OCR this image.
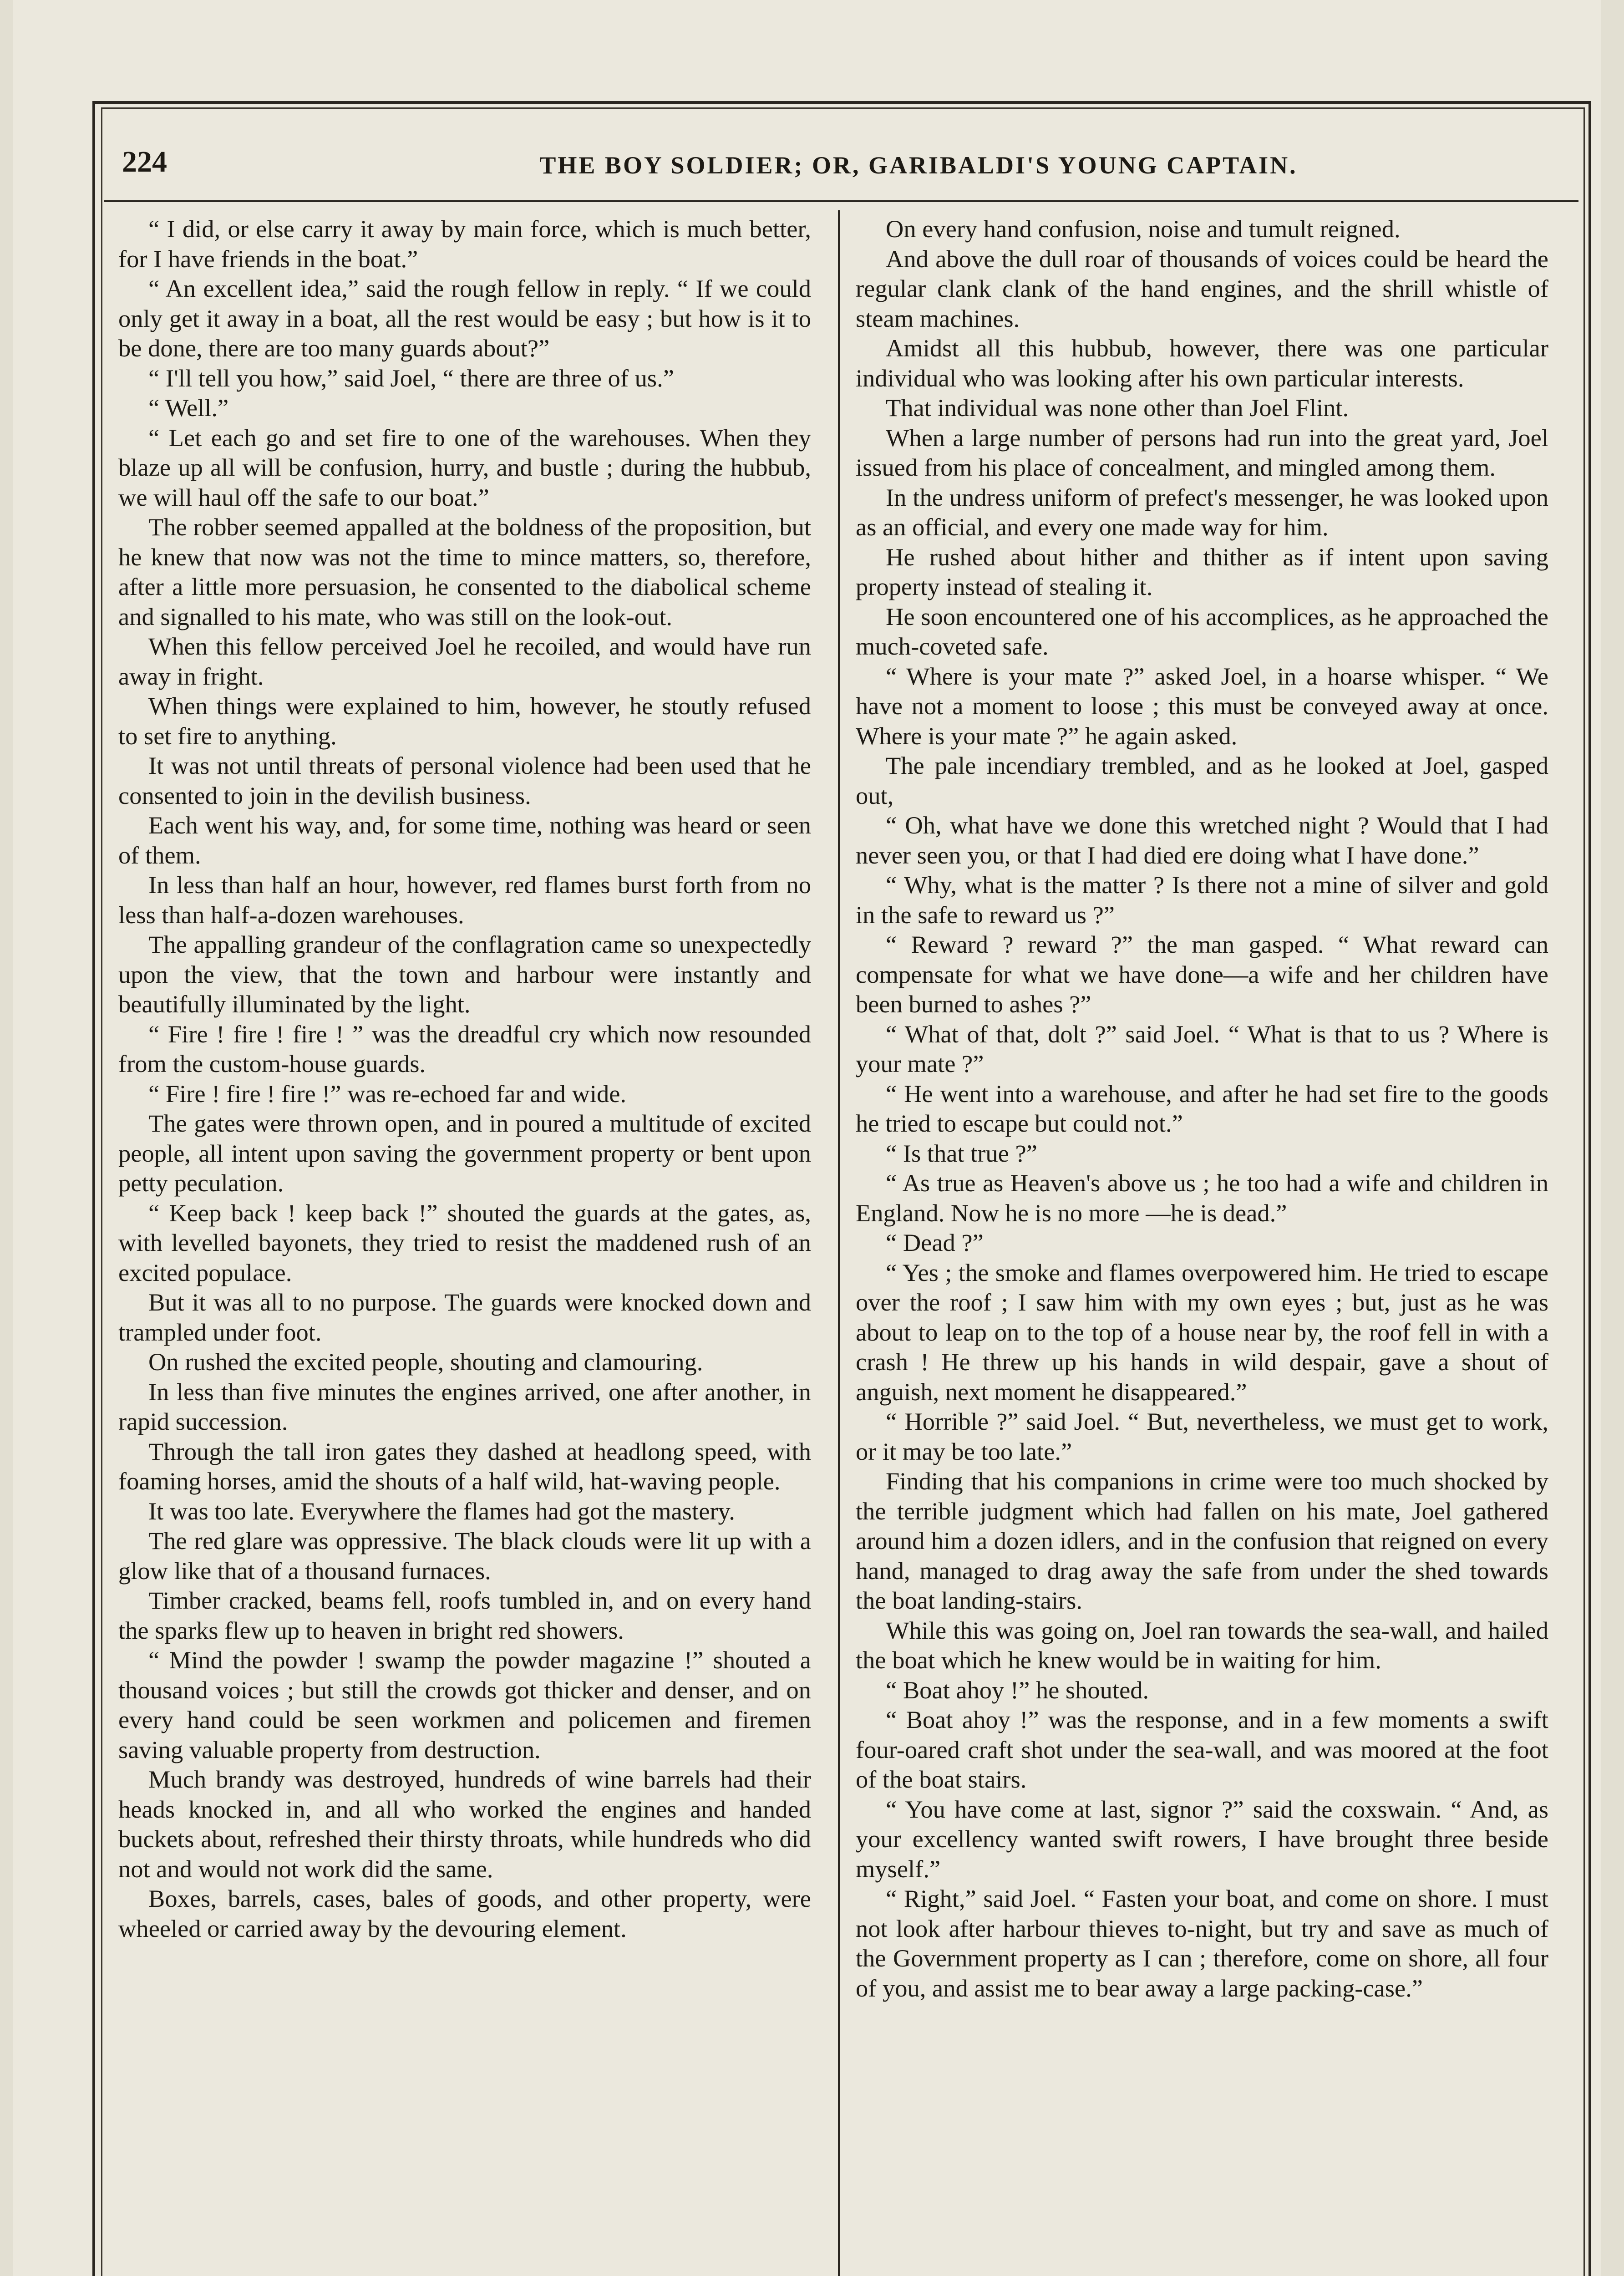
224	THE BOY SOLDIER; OR, GARIBALDI'S YOUNG CAPTAIN.

“ I did, or else carry it away by main force, which is much better, for I have friends in the boat.”

“ An excellent idea,” said the rough fellow in reply. “ If we could only get it away in a boat, all the rest would be easy ; but how is it to be done, there are too many guards about?”

“ I'll tell you how,” said Joel, “ there are three of us.”

“ Well.”

“ Let each go and set fire to one of the warehouses. When they blaze up all will be confusion, hurry, and bustle ; during the hubbub, we will haul off the safe to our boat.”

The robber seemed appalled at the boldness of the proposition, but he knew that now was not the time to mince matters, so, therefore, after a little more persuasion, he consented to the diabolical scheme and signalled to his mate, who was still on the look-out.

When this fellow perceived Joel he recoiled, and would have run away in fright.

When things were explained to him, however, he stoutly refused to set fire to anything.

It was not until threats of personal violence had been used that he consented to join in the devilish business.

Each went his way, and, for some time, nothing was heard or seen of them.

In less than half an hour, however, red flames burst forth from no less than half-a-dozen warehouses.

The appalling grandeur of the conflagration came so unexpectedly upon the view, that the town and harbour were instantly and beautifully illuminated by the light.

“ Fire ! fire ! fire ! ” was the dreadful cry which now resounded from the custom-house guards.

“ Fire ! fire ! fire !” was re-echoed far and wide.

The gates were thrown open, and in poured a multitude of excited people, all intent upon saving the government property or bent upon petty peculation.

“ Keep back ! keep back !” shouted the guards at the gates, as, with levelled bayonets, they tried to resist the maddened rush of an excited populace.

But it was all to no purpose. The guards were knocked down and trampled under foot.

On rushed the excited people, shouting and clamouring.

In less than five minutes the engines arrived, one after another, in rapid succession.

Through the tall iron gates they dashed at headlong speed, with foaming horses, amid the shouts of a half wild, hat-waving people.

It was too late. Everywhere the flames had got the mastery.

The red glare was oppressive. The black clouds were lit up with a glow like that of a thousand furnaces.

Timber cracked, beams fell, roofs tumbled in, and on every hand the sparks flew up to heaven in bright red showers.

“ Mind the powder ! swamp the powder magazine !” shouted a thousand voices ; but still the crowds got thicker and denser, and on every hand could be seen workmen and policemen and firemen saving valuable property from destruction.

Much brandy was destroyed, hundreds of wine barrels had their heads knocked in, and all who worked the engines and handed buckets about, refreshed their thirsty throats, while hundreds who did not and would not work did the same.

Boxes, barrels, cases, bales of goods, and other property, were wheeled or carried away by the devouring element.

On every hand confusion, noise and tumult reigned.

And above the dull roar of thousands of voices could be heard the regular clank clank of the hand engines, and the shrill whistle of steam machines.

Amidst all this hubbub, however, there was one particular individual who was looking after his own particular interests.

That individual was none other than Joel Flint.

When a large number of persons had run into the great yard, Joel issued from his place of concealment, and mingled among them.

In the undress uniform of prefect's messenger, he was looked upon as an official, and every one made way for him.

He rushed about hither and thither as if intent upon saving property instead of stealing it.

He soon encountered one of his accomplices, as he approached the much-coveted safe.

“ Where is your mate ?” asked Joel, in a hoarse whisper. “ We have not a moment to loose ; this must be conveyed away at once. Where is your mate ?” he again asked.

The pale incendiary trembled, and as he looked at Joel, gasped out,

“ Oh, what have we done this wretched night ? Would that I had never seen you, or that I had died ere doing what I have done.”

“ Why, what is the matter ? Is there not a mine of silver and gold in the safe to reward us ?”

“ Reward ? reward ?” the man gasped. “ What reward can compensate for what we have done—a wife and her children have been burned to ashes ?”

“ What of that, dolt ?” said Joel. “ What is that to us ? Where is your mate ?”

“ He went into a warehouse, and after he had set fire to the goods he tried to escape but could not.”

“ Is that true ?”

“ As true as Heaven's above us ; he too had a wife and children in England. Now he is no more —he is dead.”

“ Dead ?”

“ Yes ; the smoke and flames overpowered him. He tried to escape over the roof ; I saw him with my own eyes ; but, just as he was about to leap on to the top of a house near by, the roof fell in with a crash ! He threw up his hands in wild despair, gave a shout of anguish, next moment he disappeared.”

“ Horrible ?” said Joel. “ But, nevertheless, we must get to work, or it may be too late.”

Finding that his companions in crime were too much shocked by the terrible judgment which had fallen on his mate, Joel gathered around him a dozen idlers, and in the confusion that reigned on every hand, managed to drag away the safe from under the shed towards the boat landing-stairs.

While this was going on, Joel ran towards the sea-wall, and hailed the boat which he knew would be in waiting for him.

“ Boat ahoy !” he shouted.

“ Boat ahoy !” was the response, and in a few moments a swift four-oared craft shot under the sea-wall, and was moored at the foot of the boat stairs.

“ You have come at last, signor ?” said the coxswain. “ And, as your excellency wanted swift rowers, I have brought three beside myself.”

“ Right,” said Joel. “ Fasten your boat, and come on shore. I must not look after harbour thieves to-night, but try and save as much of the Government property as I can ; therefore, come on shore, all four of you, and assist me to bear away a large packing-case.”
